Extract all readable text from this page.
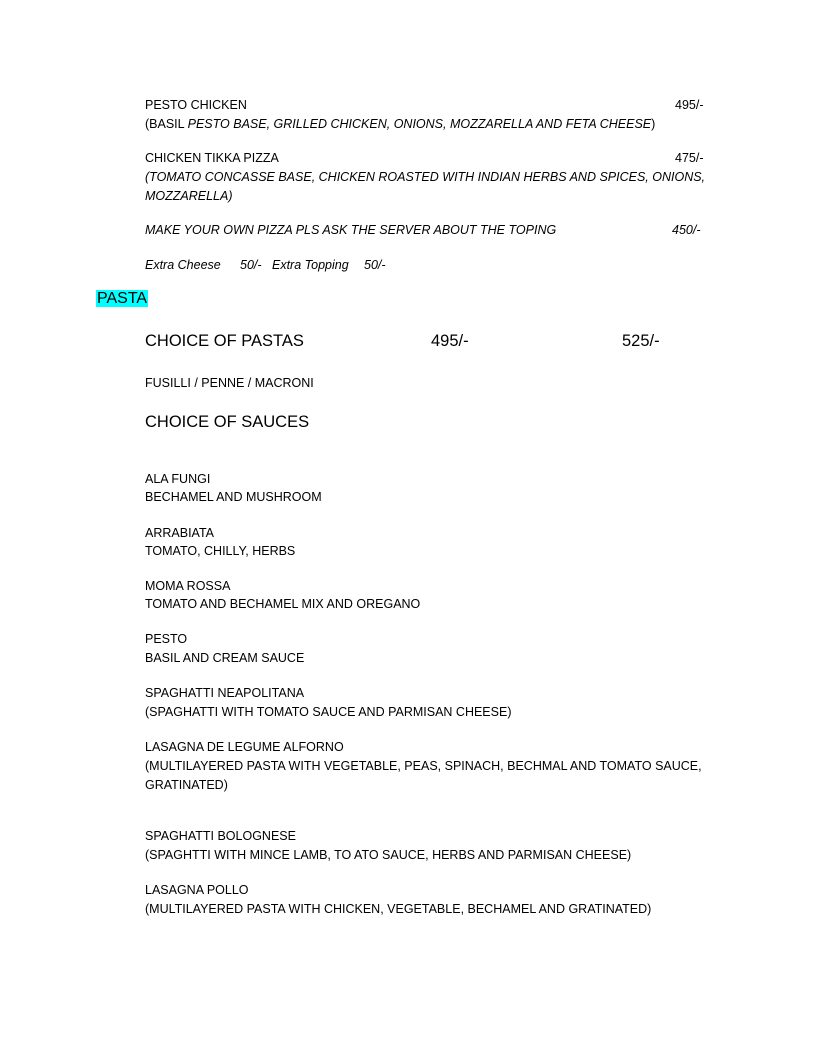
PESTO CHICKEN	495/-
(BASIL PESTO BASE, GRILLED CHICKEN, ONIONS, MOZZARELLA AND FETA CHEESE)
CHICKEN TIKKA PIZZA	475/-
(TOMATO CONCASSE BASE, CHICKEN ROASTED WITH INDIAN HERBS AND SPICES, ONIONS,
MOZZARELLA)
MAKE YOUR OWN PIZZA PLS ASK THE SERVER ABOUT THE TOPING	450/-
Extra Cheese 50/- Extra Topping 50/-
PASTA
CHOICE OF PASTAS	495/-	525/-
FUSILLI / PENNE / MACRONI
CHOICE OF SAUCES
ALA FUNGI
BECHAMEL AND MUSHROOM
ARRABIATA
TOMATO, CHILLY, HERBS
MOMA ROSSA
TOMATO AND BECHAMEL MIX AND OREGANO
PESTO
BASIL AND CREAM SAUCE
SPAGHATTI NEAPOLITANA
(SPAGHATTI WITH TOMATO SAUCE AND PARMISAN CHEESE)
LASAGNA DE LEGUME ALFORNO
(MULTILAYERED PASTA WITH VEGETABLE, PEAS, SPINACH, BECHMAL AND TOMATO SAUCE,
GRATINATED)
SPAGHATTI BOLOGNESE
(SPAGHTTI WITH MINCE LAMB, TO ATO SAUCE, HERBS AND PARMISAN CHEESE)
LASAGNA POLLO
(MULTILAYERED PASTA WITH CHICKEN, VEGETABLE, BECHAMEL AND GRATINATED)
